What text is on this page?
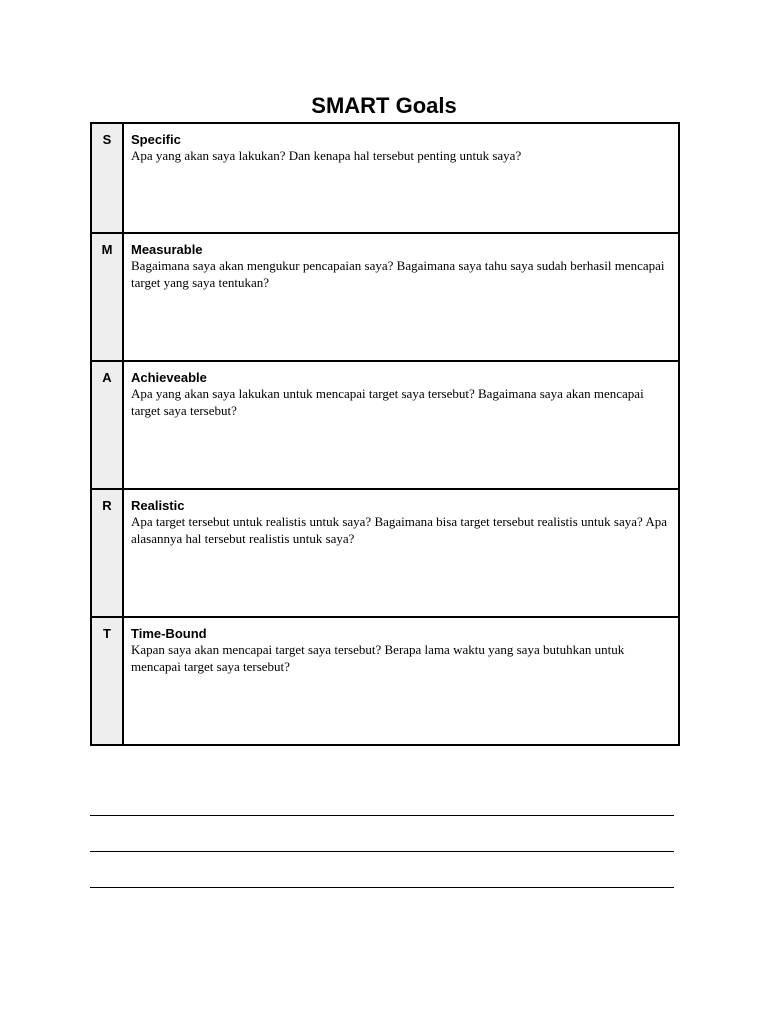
SMART Goals
S	Specific
Apa yang akan saya lakukan? Dan kenapa hal tersebut penting untuk saya?

M	Measurable
Bagaimana saya akan mengukur pencapaian saya? Bagaimana saya tahu saya sudah berhasil mencapai target yang saya tentukan?

A	Achieveable
Apa yang akan saya lakukan untuk mencapai target saya tersebut? Bagaimana saya akan mencapai target saya tersebut?

R	Realistic
Apa target tersebut untuk realistis untuk saya? Bagaimana bisa target tersebut realistis untuk saya? Apa alasannya hal tersebut realistis untuk saya?

T	Time-Bound
Kapan saya akan mencapai target saya tersebut? Berapa lama waktu yang saya butuhkan untuk mencapai target saya tersebut?
